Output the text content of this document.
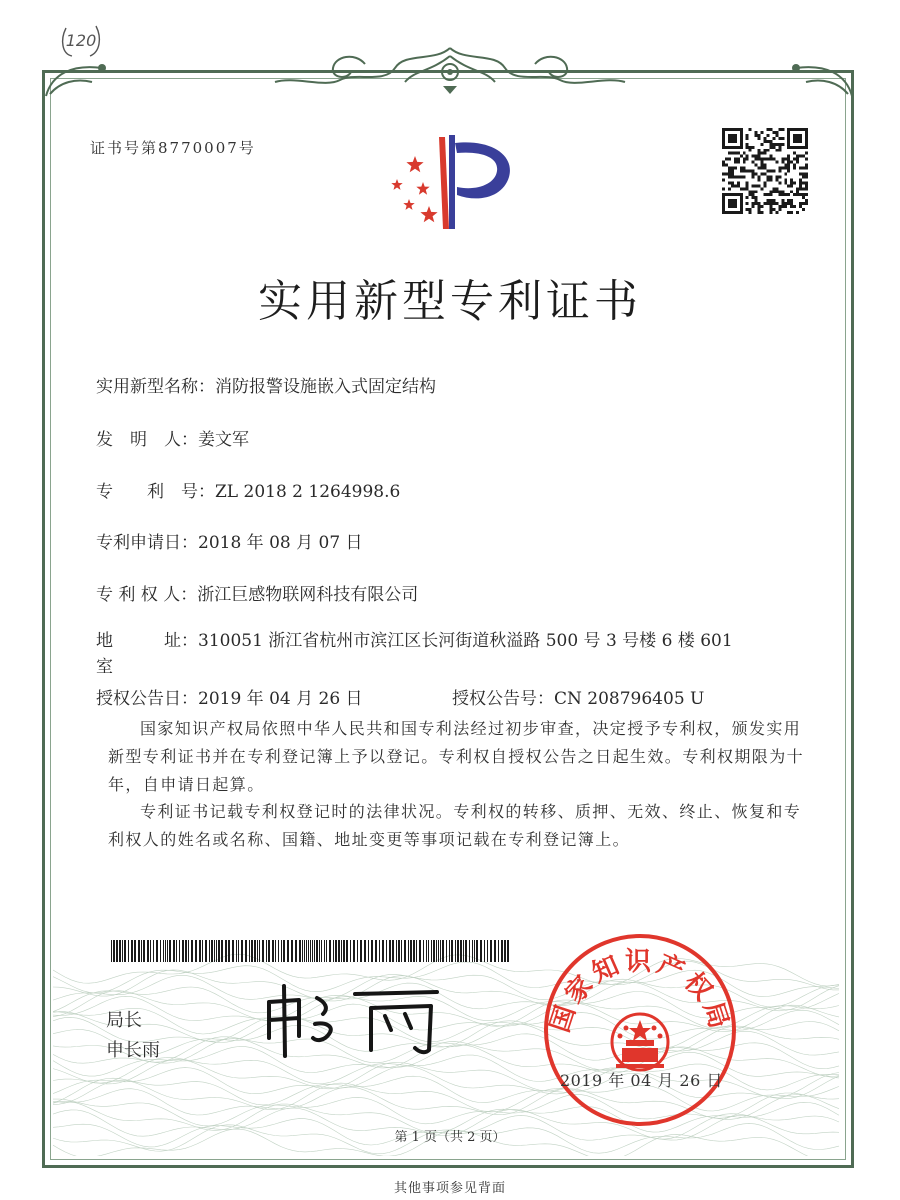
120
证书号第8770007号
实用新型专利证书
实用新型名称：消防报警设施嵌入式固定结构
发　明　人：姜文军
专　　利　号：ZL 2018 2 1264998.6
专利申请日：2018 年 08 月 07 日
专 利 权 人：浙江巨感物联网科技有限公司
地　　　址：310051 浙江省杭州市滨江区长河街道秋溢路 500 号 3 号楼 6 楼 601 室
授权公告日：2019 年 04 月 26 日	授权公告号：CN 208796405 U
国家知识产权局依照中华人民共和国专利法经过初步审查，决定授予专利权，颁发实用新型专利证书并在专利登记簿上予以登记。专利权自授权公告之日起生效。专利权期限为十年，自申请日起算。
专利证书记载专利权登记时的法律状况。专利权的转移、质押、无效、终止、恢复和专利权人的姓名或名称、国籍、地址变更等事项记载在专利登记簿上。
局长
申长雨
国家知识产权局
2019 年 04 月 26 日
第 1 页（共 2 页）
其他事项参见背面
